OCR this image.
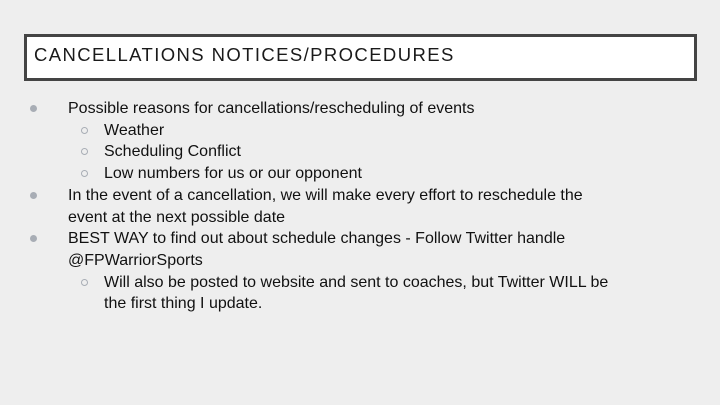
CANCELLATIONS NOTICES/PROCEDURES
Possible reasons for cancellations/rescheduling of events
Weather
Scheduling Conflict
Low numbers for us or our opponent
In the event of a cancellation, we will make every effort to reschedule the
event at the next possible date
BEST WAY to find out about schedule changes - Follow Twitter handle
@FPWarriorSports
Will also be posted to website and sent to coaches, but Twitter WILL be
the first thing I update.
